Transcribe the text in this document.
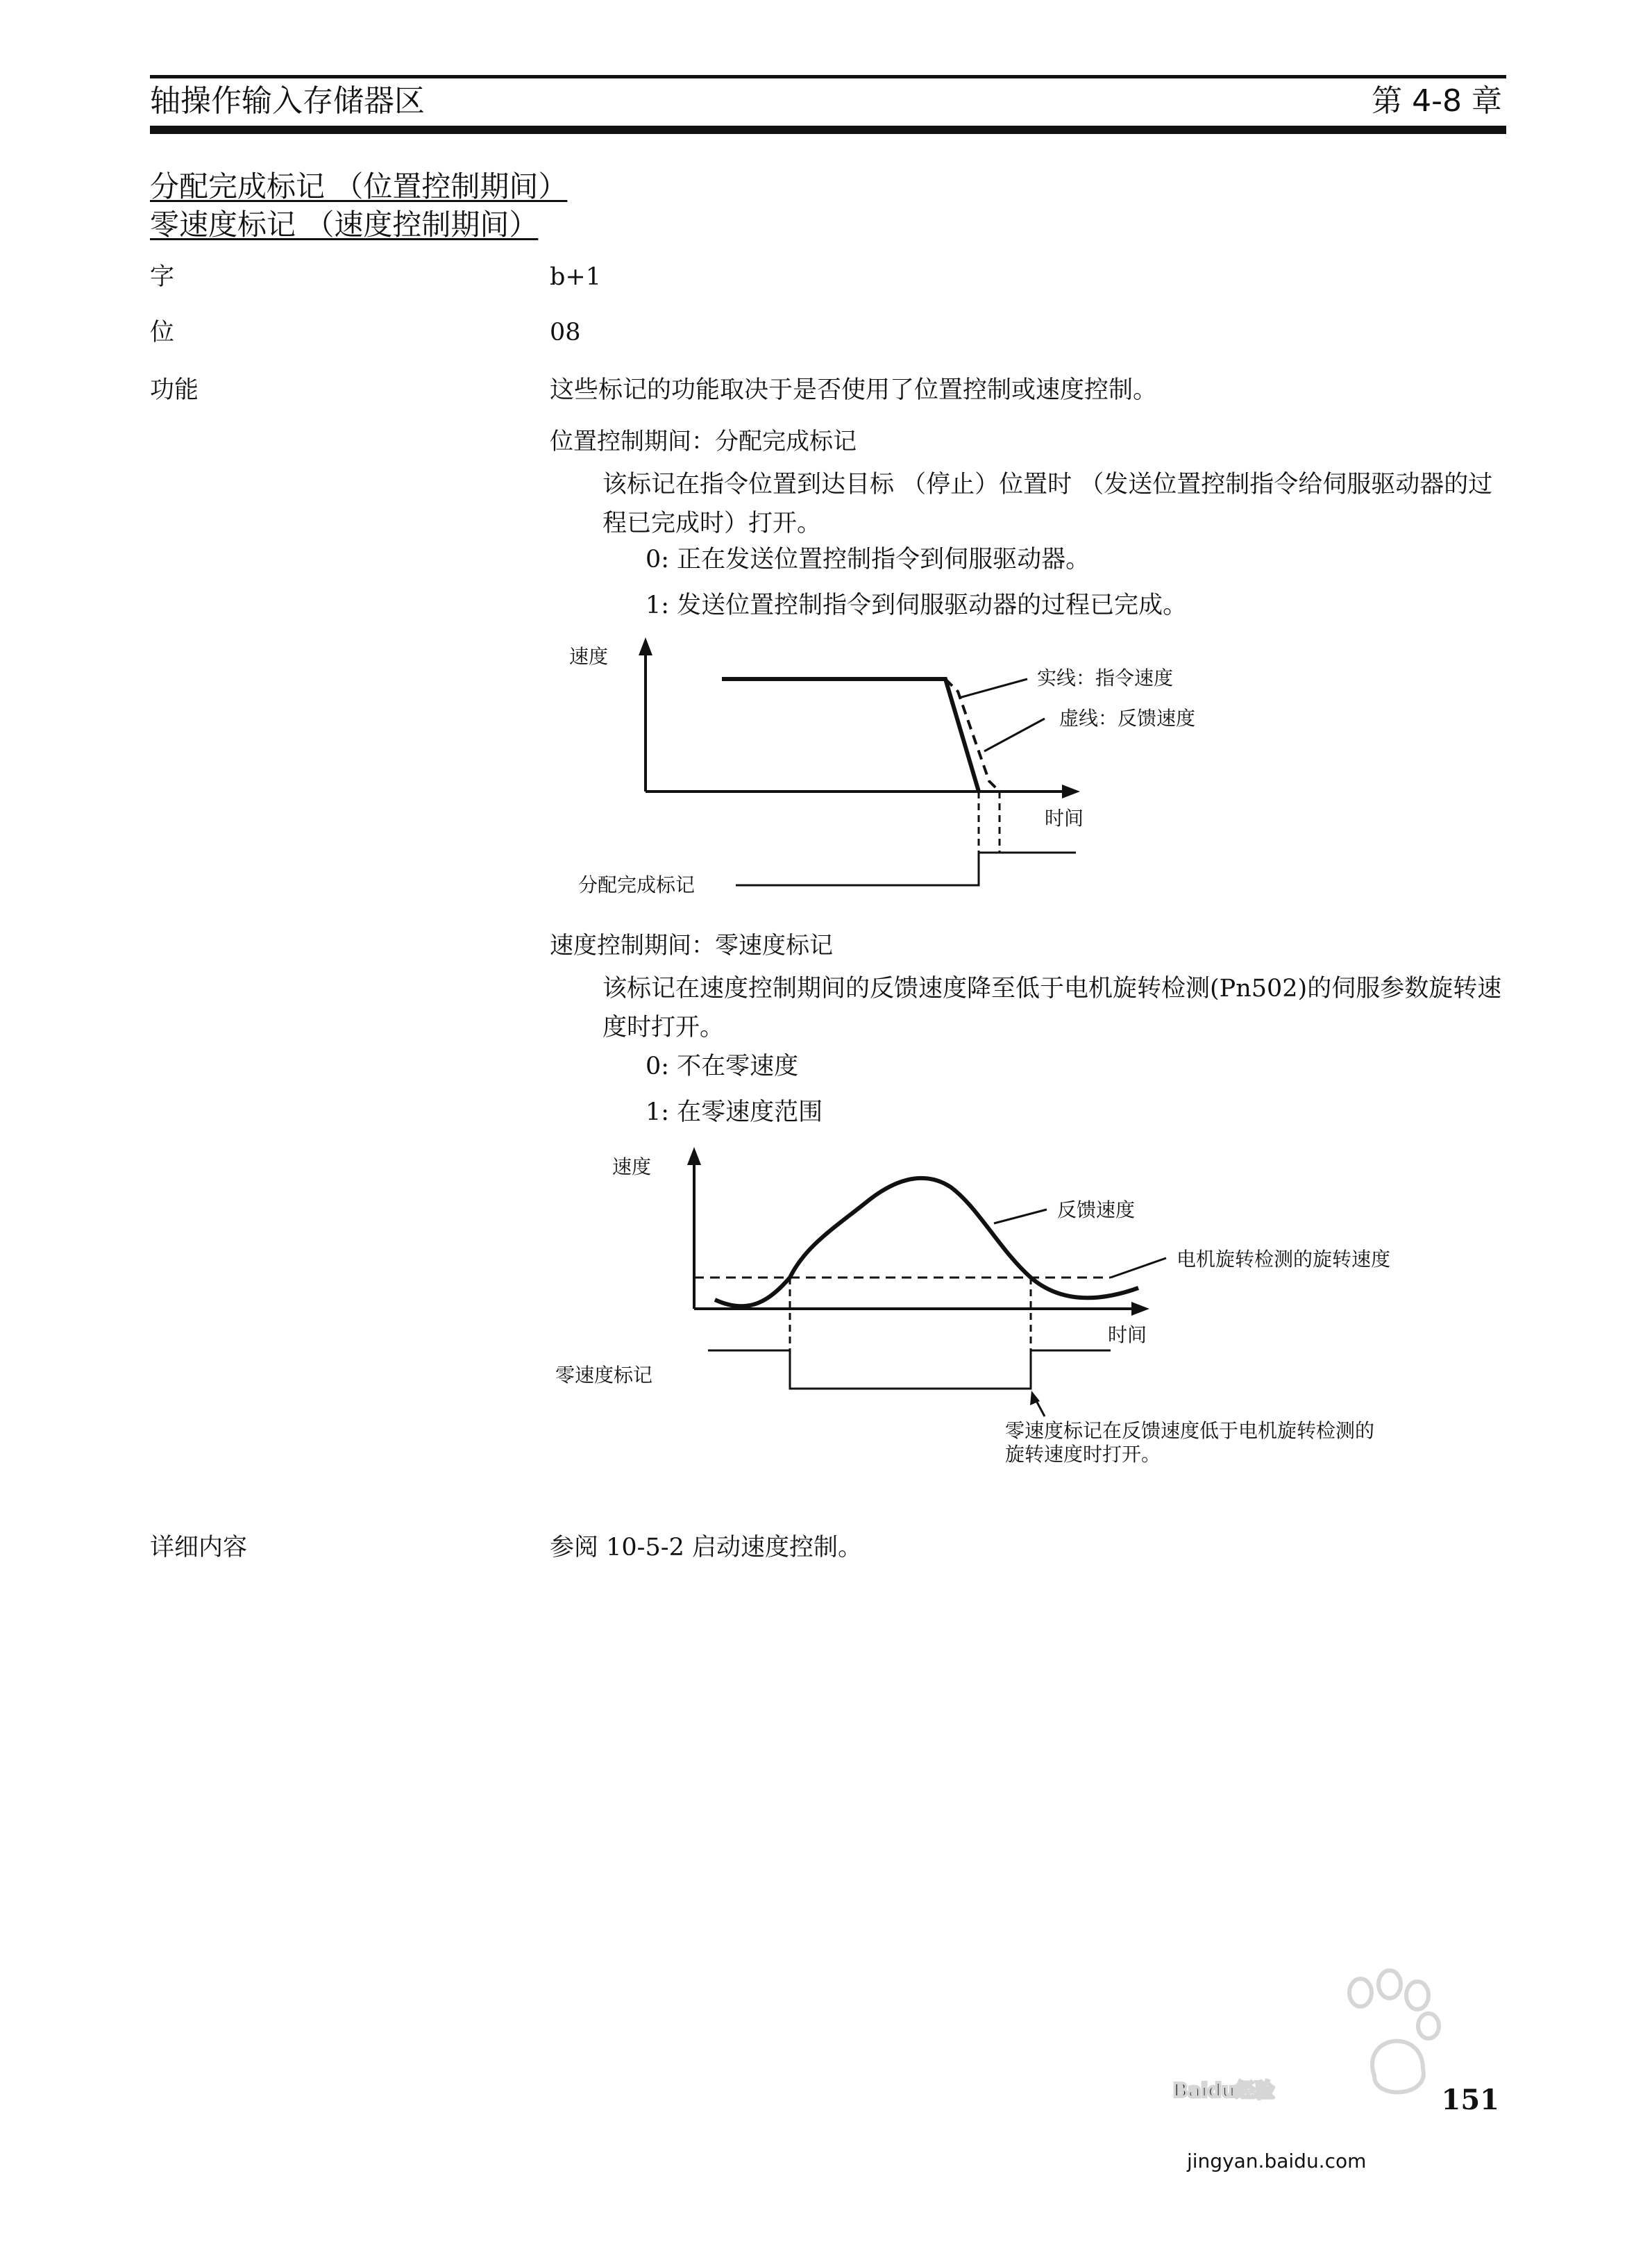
轴操作输入存储器区	第 4-8 章
分配完成标记 （位置控制期间）
零速度标记 （速度控制期间）
字	b+1
位	08
功能	这些标记的功能取决于是否使用了位置控制或速度控制。
位置控制期间：分配完成标记
该标记在指令位置到达目标 （停止）位置时 （发送位置控制指令给伺服驱动器的过程已完成时）打开。
0: 正在发送位置控制指令到伺服驱动器。
1: 发送位置控制指令到伺服驱动器的过程已完成。
速度
时间
实线：指令速度
虚线：反馈速度
分配完成标记
速度控制期间：零速度标记
该标记在速度控制期间的反馈速度降至低于电机旋转检测(Pn502)的伺服参数旋转速度时打开。
0: 不在零速度
1: 在零速度范围
速度
时间
电机旋转检测的旋转速度
反馈速度
零速度标记
零速度标记在反馈速度低于电机旋转检测的
旋转速度时打开。
详细内容	参阅 10-5-2 启动速度控制。
Baidu经验
jingyan.baidu.com
151
